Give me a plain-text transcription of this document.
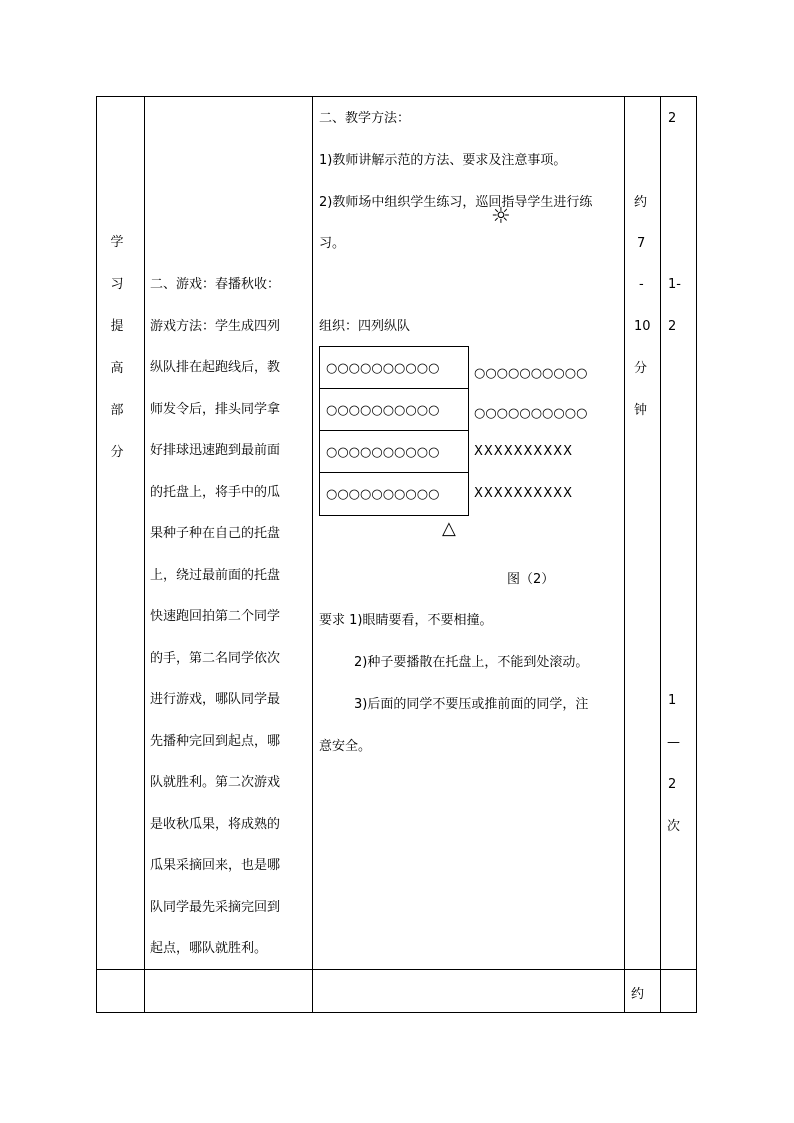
学
习
提
高
部
分
二、游戏：春播秋收：
游戏方法：学生成四列
纵队排在起跑线后，教
师发令后，排头同学拿
好排球迅速跑到最前面
的托盘上，将手中的瓜
果种子种在自己的托盘
上，绕过最前面的托盘
快速跑回拍第二个同学
的手，第二名同学依次
进行游戏，哪队同学最
先播种完回到起点，哪
队就胜利。第二次游戏
是收秋瓜果，将成熟的
瓜果采摘回来，也是哪
队同学最先采摘完回到
起点，哪队就胜利。
二、教学方法：
1)教师讲解示范的方法、要求及注意事项。
2)教师场中组织学生练习，巡回指导学生进行练
☼
习。
组织：四列纵队
○○○○○○○○○○
○○○○○○○○○○
○○○○○○○○○○
○○○○○○○○○○
○○○○○○○○○○
○○○○○○○○○○
XXXXXXXXXX
XXXXXXXXXX
△
图（2）
要求 1)眼睛要看，不要相撞。
2)种子要播散在托盘上，不能到处滚动。
3)后面的同学不要压或推前面的同学，注
意安全。
约
7
-
10
分
钟
2
1-
2
1
—
2
次
约
